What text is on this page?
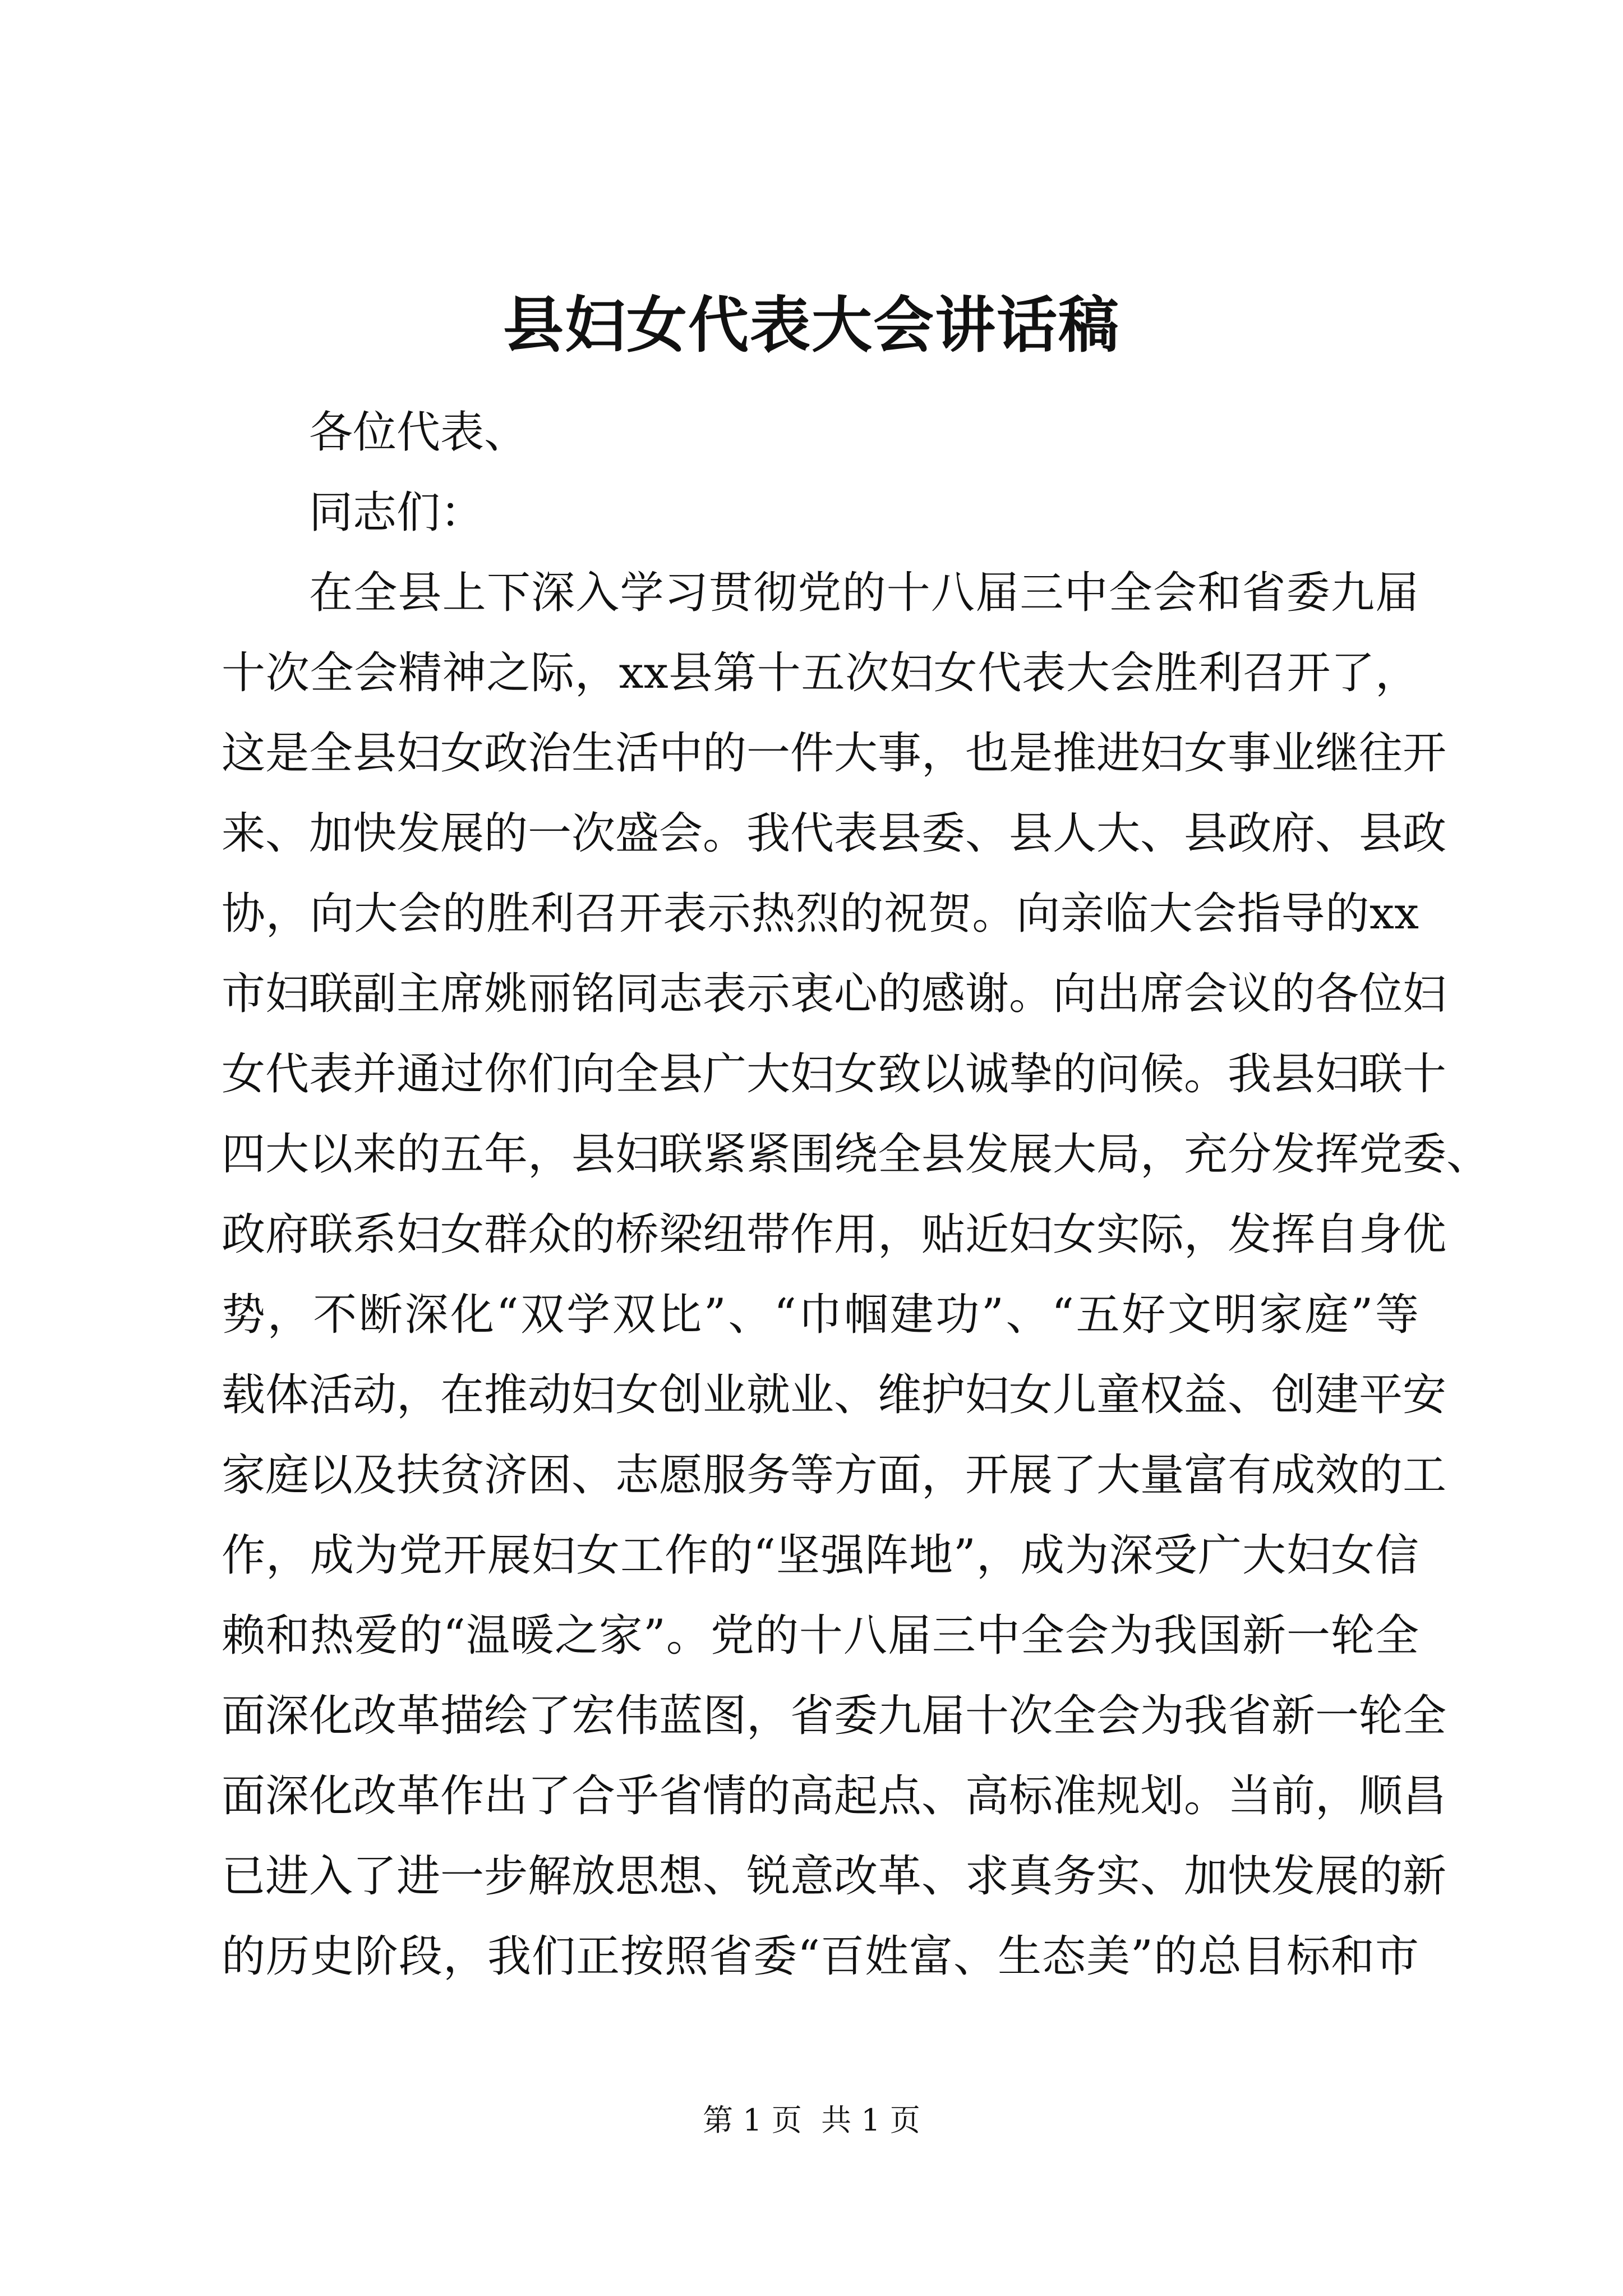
县妇女代表大会讲话稿
各位代表、
同志们：
在全县上下深入学习贯彻党的十八届三中全会和省委九届
十次全会精神之际，xx县第十五次妇女代表大会胜利召开了，
这是全县妇女政治生活中的一件大事，也是推进妇女事业继往开
来、加快发展的一次盛会。我代表县委、县人大、县政府、县政
协，向大会的胜利召开表示热烈的祝贺。向亲临大会指导的xx
市妇联副主席姚丽铭同志表示衷心的感谢。向出席会议的各位妇
女代表并通过你们向全县广大妇女致以诚挚的问候。我县妇联十
四大以来的五年，县妇联紧紧围绕全县发展大局，充分发挥党委、
政府联系妇女群众的桥梁纽带作用，贴近妇女实际，发挥自身优
势，不断深化“双学双比”、“巾帼建功”、“五好文明家庭”等
载体活动，在推动妇女创业就业、维护妇女儿童权益、创建平安
家庭以及扶贫济困、志愿服务等方面，开展了大量富有成效的工
作，成为党开展妇女工作的“坚强阵地”，成为深受广大妇女信
赖和热爱的“温暖之家”。党的十八届三中全会为我国新一轮全
面深化改革描绘了宏伟蓝图，省委九届十次全会为我省新一轮全
面深化改革作出了合乎省情的高起点、高标准规划。当前，顺昌
已进入了进一步解放思想、锐意改革、求真务实、加快发展的新
的历史阶段，我们正按照省委“百姓富、生态美”的总目标和市
第 1 页  共 1 页
